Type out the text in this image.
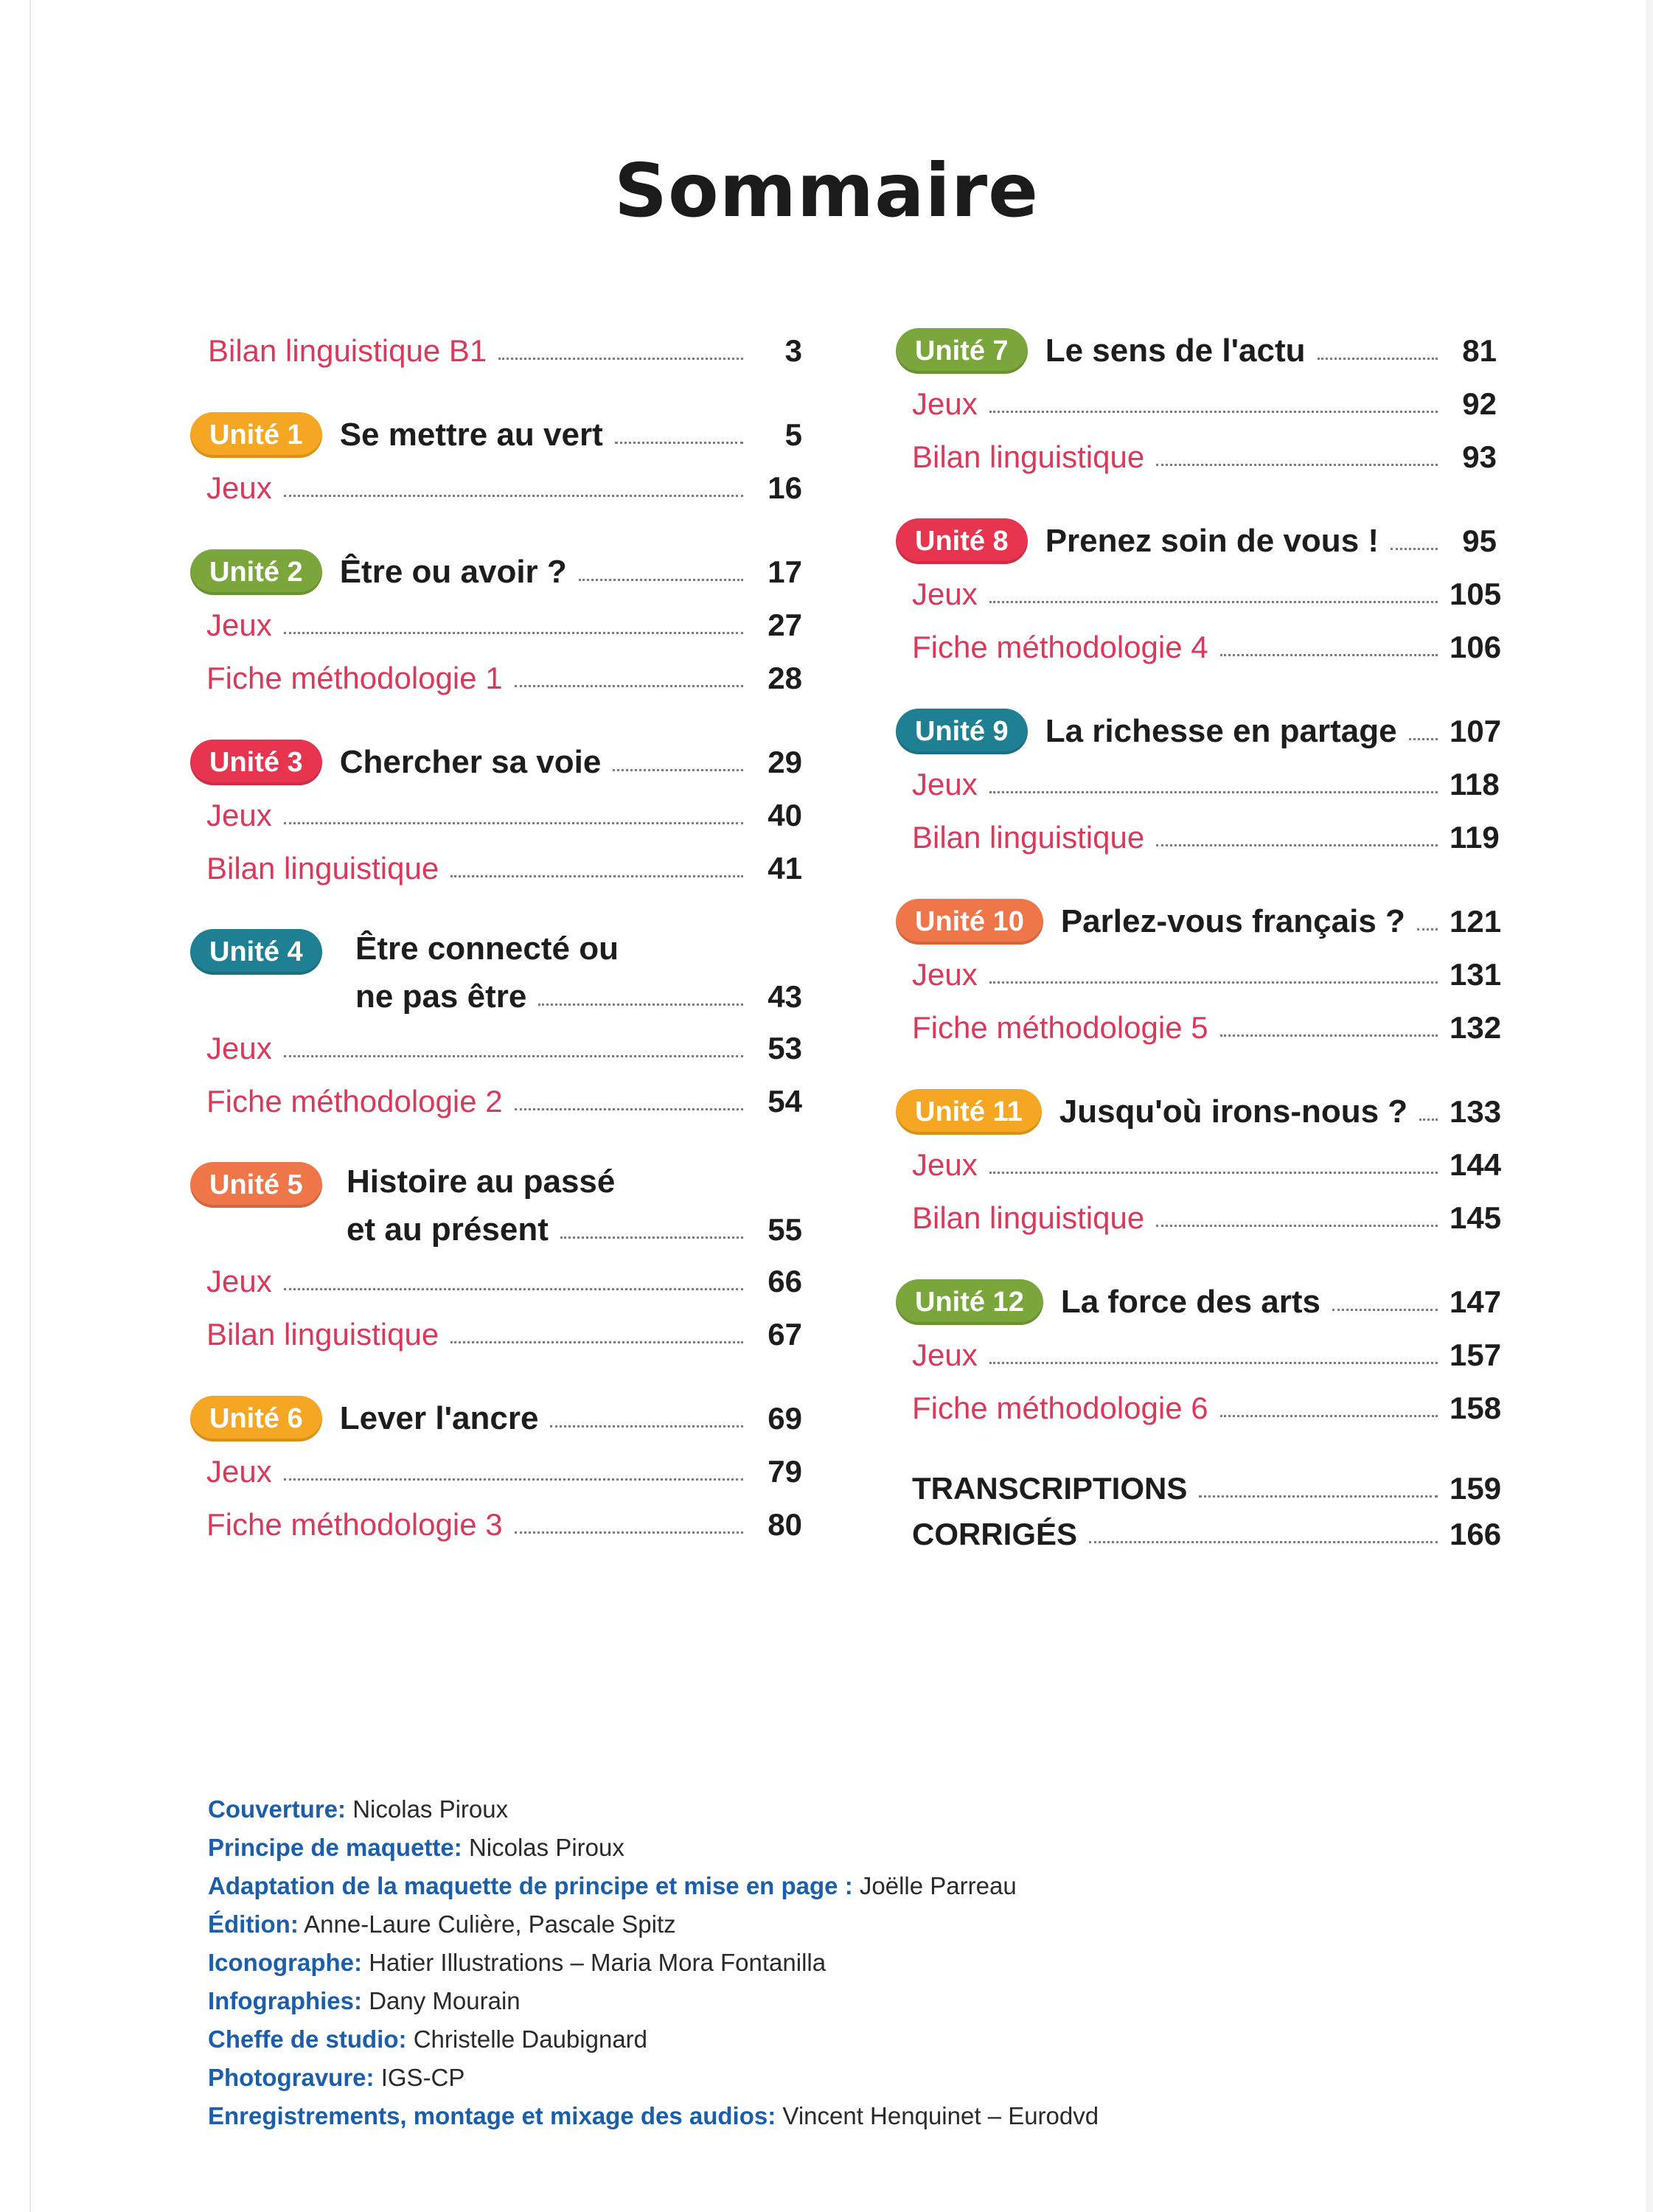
Sommaire
Bilan linguistique B1	3
Unité 1	Se mettre au vert	5
Jeux	16
Unité 2	Être ou avoir ?	17
Jeux	27
Fiche méthodologie 1	28
Unité 3	Chercher sa voie	29
Jeux	40
Bilan linguistique	41
Unité 4	Être connecté ou
ne pas être	43
Jeux	53
Fiche méthodologie 2	54
Unité 5	Histoire au passé
et au présent	55
Jeux	66
Bilan linguistique	67
Unité 6	Lever l'ancre	69
Jeux	79
Fiche méthodologie 3	80
Unité 7	Le sens de l'actu	81
Jeux	92
Bilan linguistique	93
Unité 8	Prenez soin de vous !	95
Jeux	105
Fiche méthodologie 4	106
Unité 9	La richesse en partage 107
Jeux	118
Bilan linguistique	119
Unité 10	Parlez-vous français ? 121
Jeux	131
Fiche méthodologie 5	132
Unité 11	Jusqu'où irons-nous ? 133
Jeux	144
Bilan linguistique	145
Unité 12	La force des arts	147
Jeux	157
Fiche méthodologie 6	158
TRANSCRIPTIONS	159
CORRIGÉS	166
Couverture: Nicolas Piroux
Principe de maquette: Nicolas Piroux
Adaptation de la maquette de principe et mise en page : Joëlle Parreau
Édition: Anne-Laure Culière, Pascale Spitz
Iconographe: Hatier Illustrations – Maria Mora Fontanilla
Infographies: Dany Mourain
Cheffe de studio: Christelle Daubignard
Photogravure: IGS-CP
Enregistrements, montage et mixage des audios: Vincent Henquinet – Eurodvd
